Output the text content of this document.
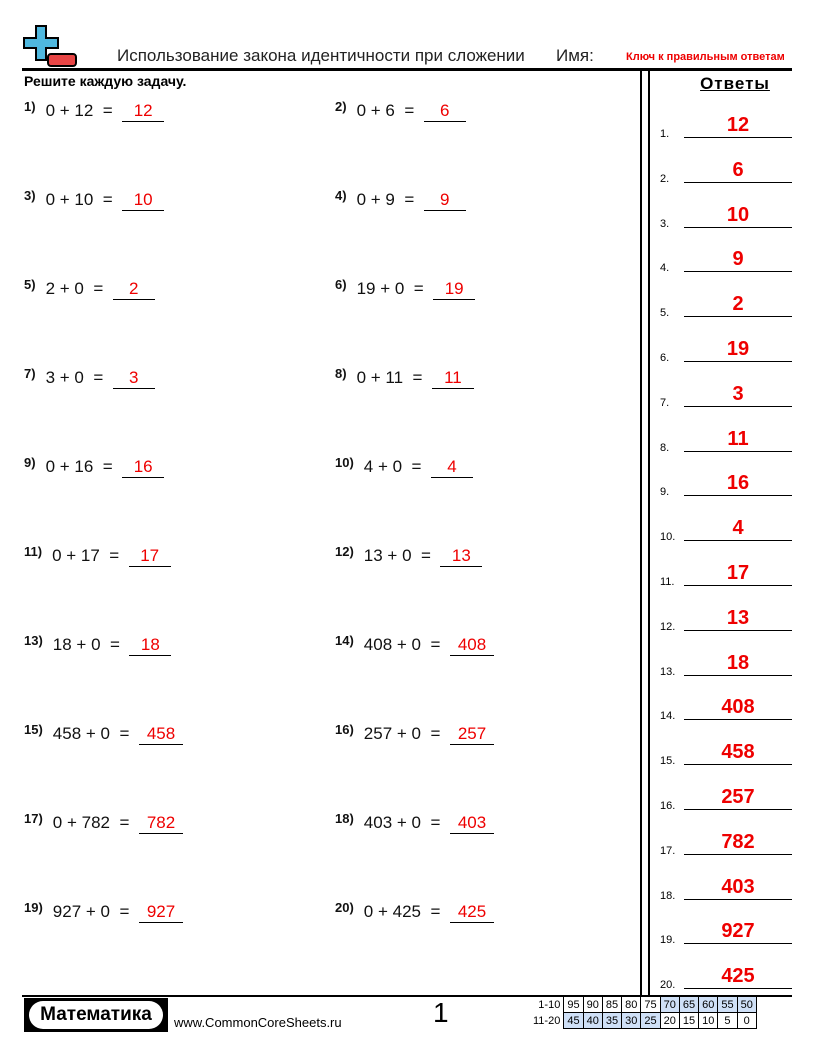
Использование закона идентичности при сложении Имя:	Ключ к правильным ответам
Решите каждую задачу.	Ответы
$^{1)}$ 0 + 12 = 12	$^{2)}$ 0 + 6 = 6
$^{3)}$ 0 + 10 = 10	$^{4)}$ 0 + 9 = 9
$^{5)}$ 2 + 0 = 2	$^{6)}$ 19 + 0 = 19
$^{7)}$ 3 + 0 = 3	$^{8)}$ 0 + 11 = 11
$^{9)}$ 0 + 16 = 16	$^{10)}$ 4 + 0 = 4
$^{11)}$ 0 + 17 = 17	$^{12)}$ 13 + 0 = 13
$^{13)}$ 18 + 0 = 18	$^{14)}$ 408 + 0 = 408
$^{15)}$ 458 + 0 = 458	$^{16)}$ 257 + 0 = 257
$^{17)}$ 0 + 782 = 782	$^{18)}$ 403 + 0 = 403
$^{19)}$ 927 + 0 = 927	$^{20)}$ 0 + 425 = 425
1.	12
2.	6
3.	10
4.	9
5.	2
6.	19
7.	3
8.	11
9.	16
10.	4
11.	17
12.	13
13.	18
14.	408
15.	458
16.	257
17.	782
18.	403
19.	927
20.	425
Математика	www.CommonCoreSheets.ru	1	1-10	95	90	85	80	75	70	65	60	55	50
11-20	45	40	35	30	25	20	15	10	5	0
